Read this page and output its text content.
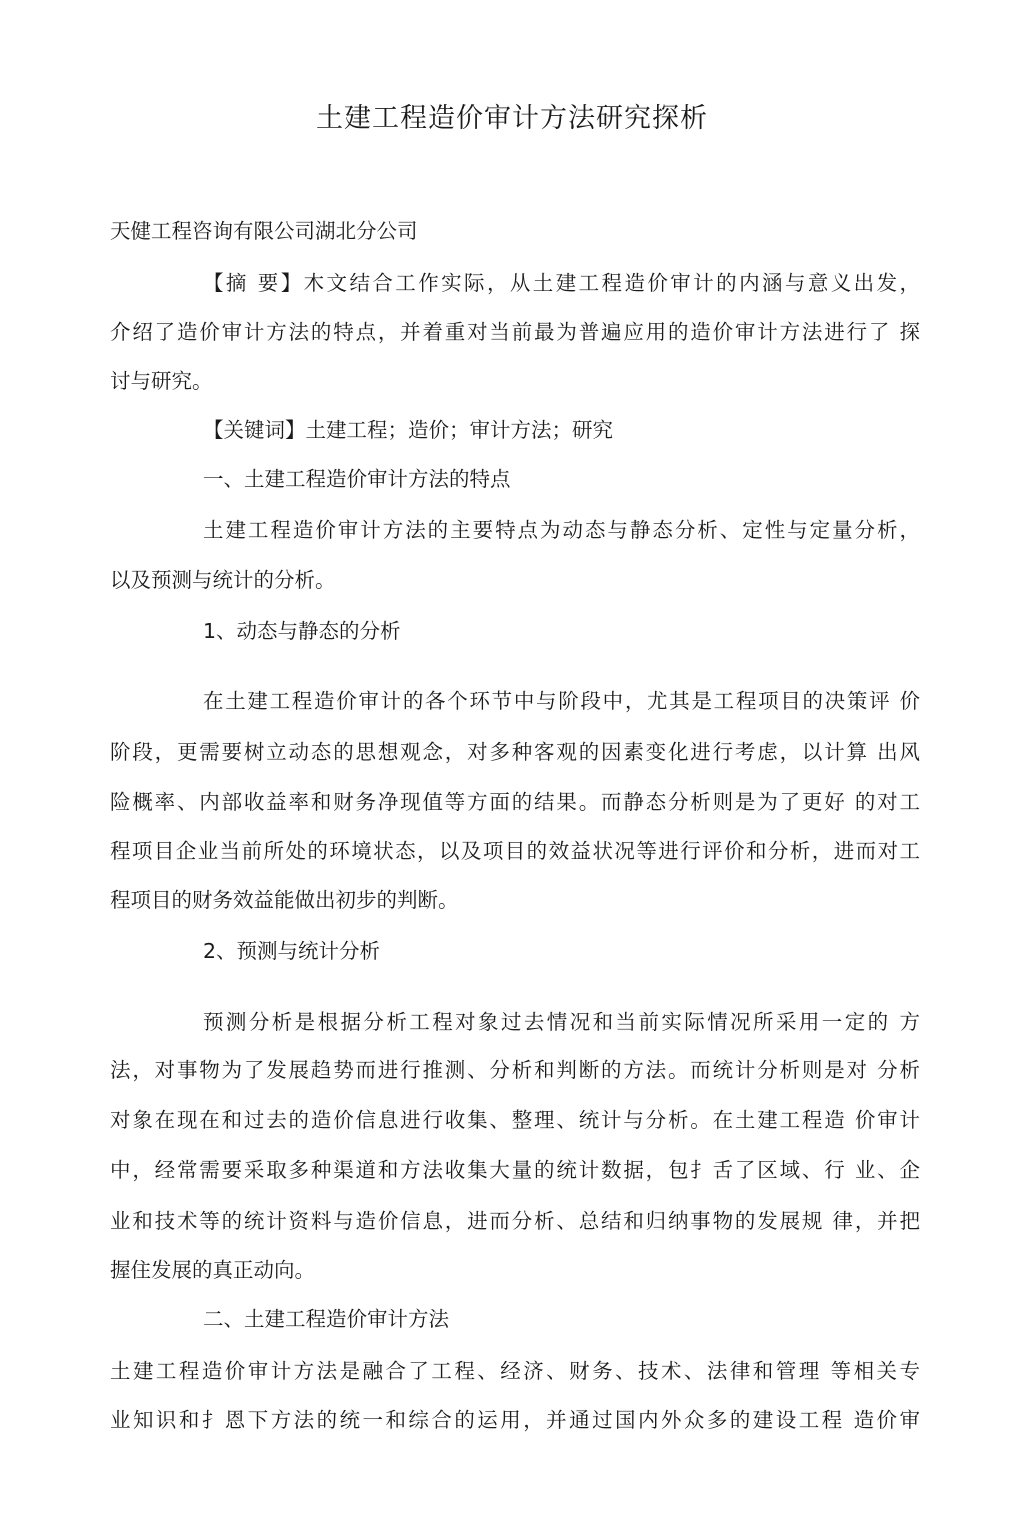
土建工程造价审计方法研究探析
天健工程咨询有限公司湖北分公司
【摘 要】木文结合工作实际，从土建工程造价审计的内涵与意义出发，
介绍了造价审计方法的特点，并着重对当前最为普遍应用的造价审计方法进行了 探
讨与研究。
【关键词】土建工程；造价；审计方法；研究
一、土建工程造价审计方法的特点
土建工程造价审计方法的主要特点为动态与静态分析、定性与定量分析，
以及预测与统计的分析。
1、动态与静态的分析
在土建工程造价审计的各个环节中与阶段中，尤其是工程项目的决策评 价
阶段，更需要树立动态的思想观念，对多种客观的因素变化进行考虑，以计算 出风
险概率、内部收益率和财务净现值等方面的结果。而静态分析则是为了更好 的对工
程项目企业当前所处的环境状态，以及项目的效益状况等进行评价和分析，进而对工
程项目的财务效益能做出初步的判断。
2、预测与统计分析
预测分析是根据分析工程对象过去情况和当前实际情况所采用一定的 方
法，对事物为了发展趋势而进行推测、分析和判断的方法。而统计分析则是对 分析
对象在现在和过去的造价信息进行收集、整理、统计与分析。在土建工程造 价审计
中，经常需要采取多种渠道和方法收集大量的统计数据，包扌舌了区域、行 业、企
业和技术等的统计资料与造价信息，进而分析、总结和归纳事物的发展规 律，并把
握住发展的真正动向。
二、土建工程造价审计方法
土建工程造价审计方法是融合了工程、经济、财务、技术、法律和管理 等相关专
业知识和扌恩下方法的统一和综合的运用，并通过国内外众多的建设工程 造价审
